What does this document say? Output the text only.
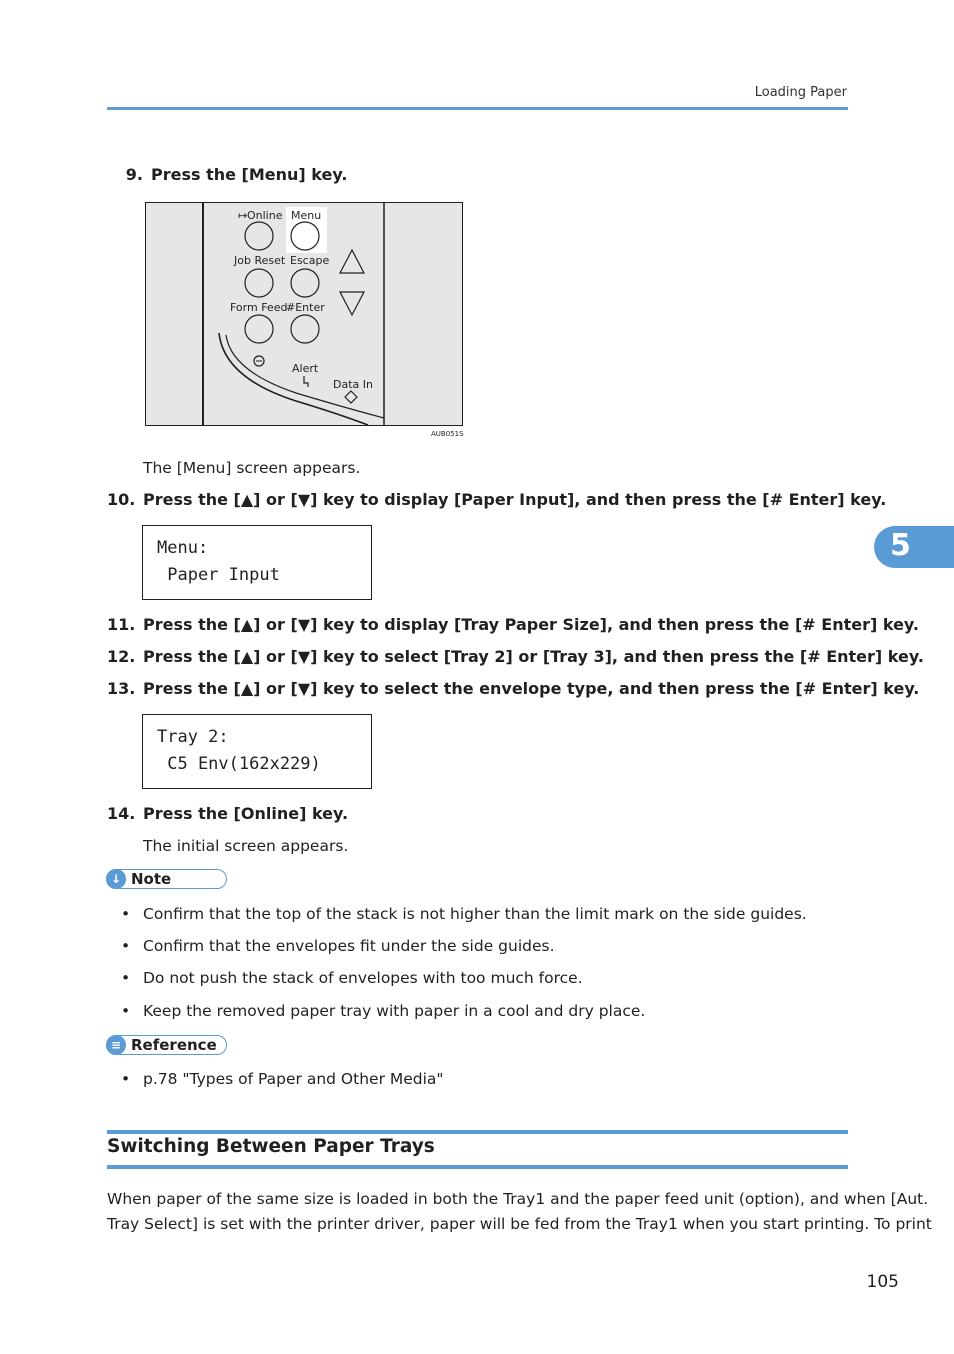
Loading Paper
5
9. Press the [Menu] key.
↦ Online Menu
Job Reset Escape
Form Feed
#Enter
Alert
Data In
AUB051S
The [Menu] screen appears.
10. Press the [▲] or [▼] key to display [Paper Input], and then press the [# Enter] key.
Menu:
Paper Input
11. Press the [▲] or [▼] key to display [Tray Paper Size], and then press the [# Enter] key.
12. Press the [▲] or [▼] key to select [Tray 2] or [Tray 3], and then press the [# Enter] key.
13. Press the [▲] or [▼] key to select the envelope type, and then press the [# Enter] key.
Tray 2:
C5 Env(162x229)
14. Press the [Online] key.
The initial screen appears.
↓ Note
• Confirm that the top of the stack is not higher than the limit mark on the side guides.
• Confirm that the envelopes fit under the side guides.
• Do not push the stack of envelopes with too much force.
• Keep the removed paper tray with paper in a cool and dry place.
≡ Reference
• p.78 "Types of Paper and Other Media"
Switching Between Paper Trays
When paper of the same size is loaded in both the Tray1 and the paper feed unit (option), and when [Aut.
Tray Select] is set with the printer driver, paper will be fed from the Tray1 when you start printing. To print
105
